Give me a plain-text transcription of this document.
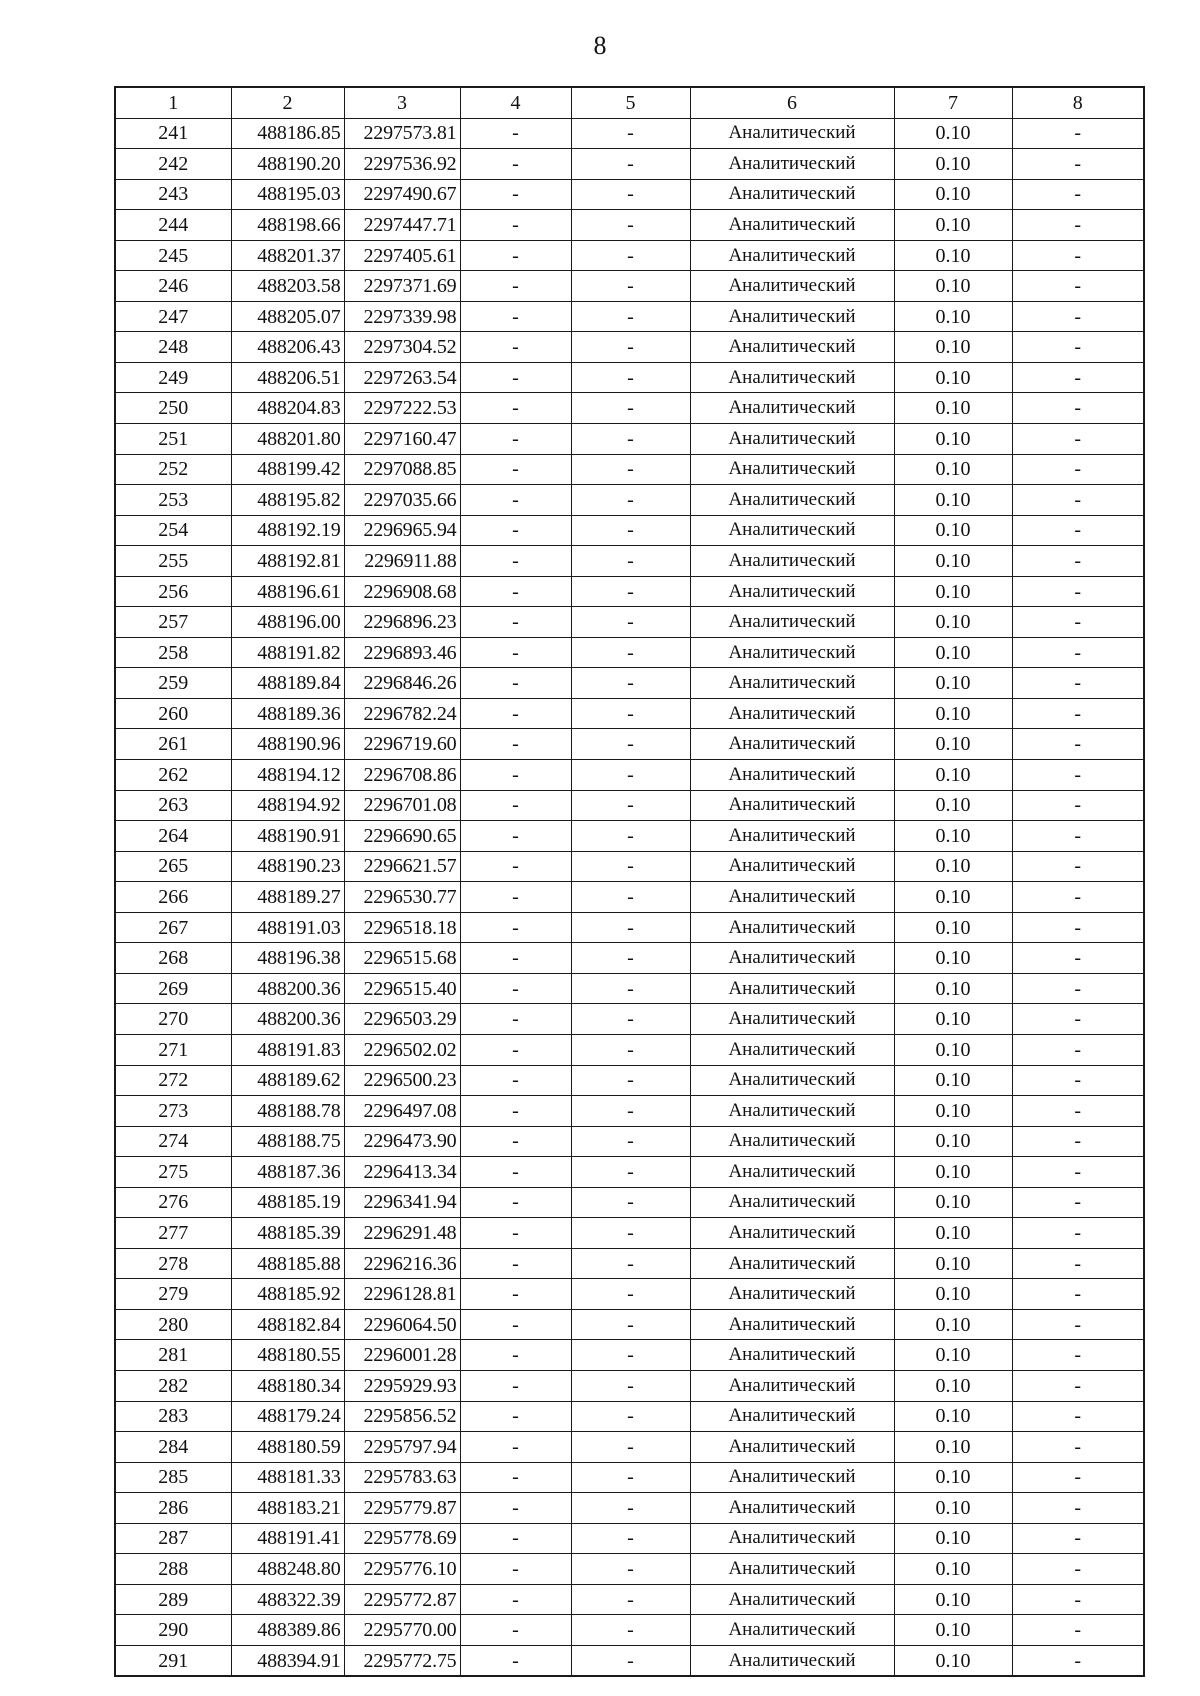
8
1	2	3	4	5	6	7	8
241	488186.85	2297573.81	-	-	Аналитический	0.10	-
242	488190.20	2297536.92	-	-	Аналитический	0.10	-
243	488195.03	2297490.67	-	-	Аналитический	0.10	-
244	488198.66	2297447.71	-	-	Аналитический	0.10	-
245	488201.37	2297405.61	-	-	Аналитический	0.10	-
246	488203.58	2297371.69	-	-	Аналитический	0.10	-
247	488205.07	2297339.98	-	-	Аналитический	0.10	-
248	488206.43	2297304.52	-	-	Аналитический	0.10	-
249	488206.51	2297263.54	-	-	Аналитический	0.10	-
250	488204.83	2297222.53	-	-	Аналитический	0.10	-
251	488201.80	2297160.47	-	-	Аналитический	0.10	-
252	488199.42	2297088.85	-	-	Аналитический	0.10	-
253	488195.82	2297035.66	-	-	Аналитический	0.10	-
254	488192.19	2296965.94	-	-	Аналитический	0.10	-
255	488192.81	2296911.88	-	-	Аналитический	0.10	-
256	488196.61	2296908.68	-	-	Аналитический	0.10	-
257	488196.00	2296896.23	-	-	Аналитический	0.10	-
258	488191.82	2296893.46	-	-	Аналитический	0.10	-
259	488189.84	2296846.26	-	-	Аналитический	0.10	-
260	488189.36	2296782.24	-	-	Аналитический	0.10	-
261	488190.96	2296719.60	-	-	Аналитический	0.10	-
262	488194.12	2296708.86	-	-	Аналитический	0.10	-
263	488194.92	2296701.08	-	-	Аналитический	0.10	-
264	488190.91	2296690.65	-	-	Аналитический	0.10	-
265	488190.23	2296621.57	-	-	Аналитический	0.10	-
266	488189.27	2296530.77	-	-	Аналитический	0.10	-
267	488191.03	2296518.18	-	-	Аналитический	0.10	-
268	488196.38	2296515.68	-	-	Аналитический	0.10	-
269	488200.36	2296515.40	-	-	Аналитический	0.10	-
270	488200.36	2296503.29	-	-	Аналитический	0.10	-
271	488191.83	2296502.02	-	-	Аналитический	0.10	-
272	488189.62	2296500.23	-	-	Аналитический	0.10	-
273	488188.78	2296497.08	-	-	Аналитический	0.10	-
274	488188.75	2296473.90	-	-	Аналитический	0.10	-
275	488187.36	2296413.34	-	-	Аналитический	0.10	-
276	488185.19	2296341.94	-	-	Аналитический	0.10	-
277	488185.39	2296291.48	-	-	Аналитический	0.10	-
278	488185.88	2296216.36	-	-	Аналитический	0.10	-
279	488185.92	2296128.81	-	-	Аналитический	0.10	-
280	488182.84	2296064.50	-	-	Аналитический	0.10	-
281	488180.55	2296001.28	-	-	Аналитический	0.10	-
282	488180.34	2295929.93	-	-	Аналитический	0.10	-
283	488179.24	2295856.52	-	-	Аналитический	0.10	-
284	488180.59	2295797.94	-	-	Аналитический	0.10	-
285	488181.33	2295783.63	-	-	Аналитический	0.10	-
286	488183.21	2295779.87	-	-	Аналитический	0.10	-
287	488191.41	2295778.69	-	-	Аналитический	0.10	-
288	488248.80	2295776.10	-	-	Аналитический	0.10	-
289	488322.39	2295772.87	-	-	Аналитический	0.10	-
290	488389.86	2295770.00	-	-	Аналитический	0.10	-
291	488394.91	2295772.75	-	-	Аналитический	0.10	-
